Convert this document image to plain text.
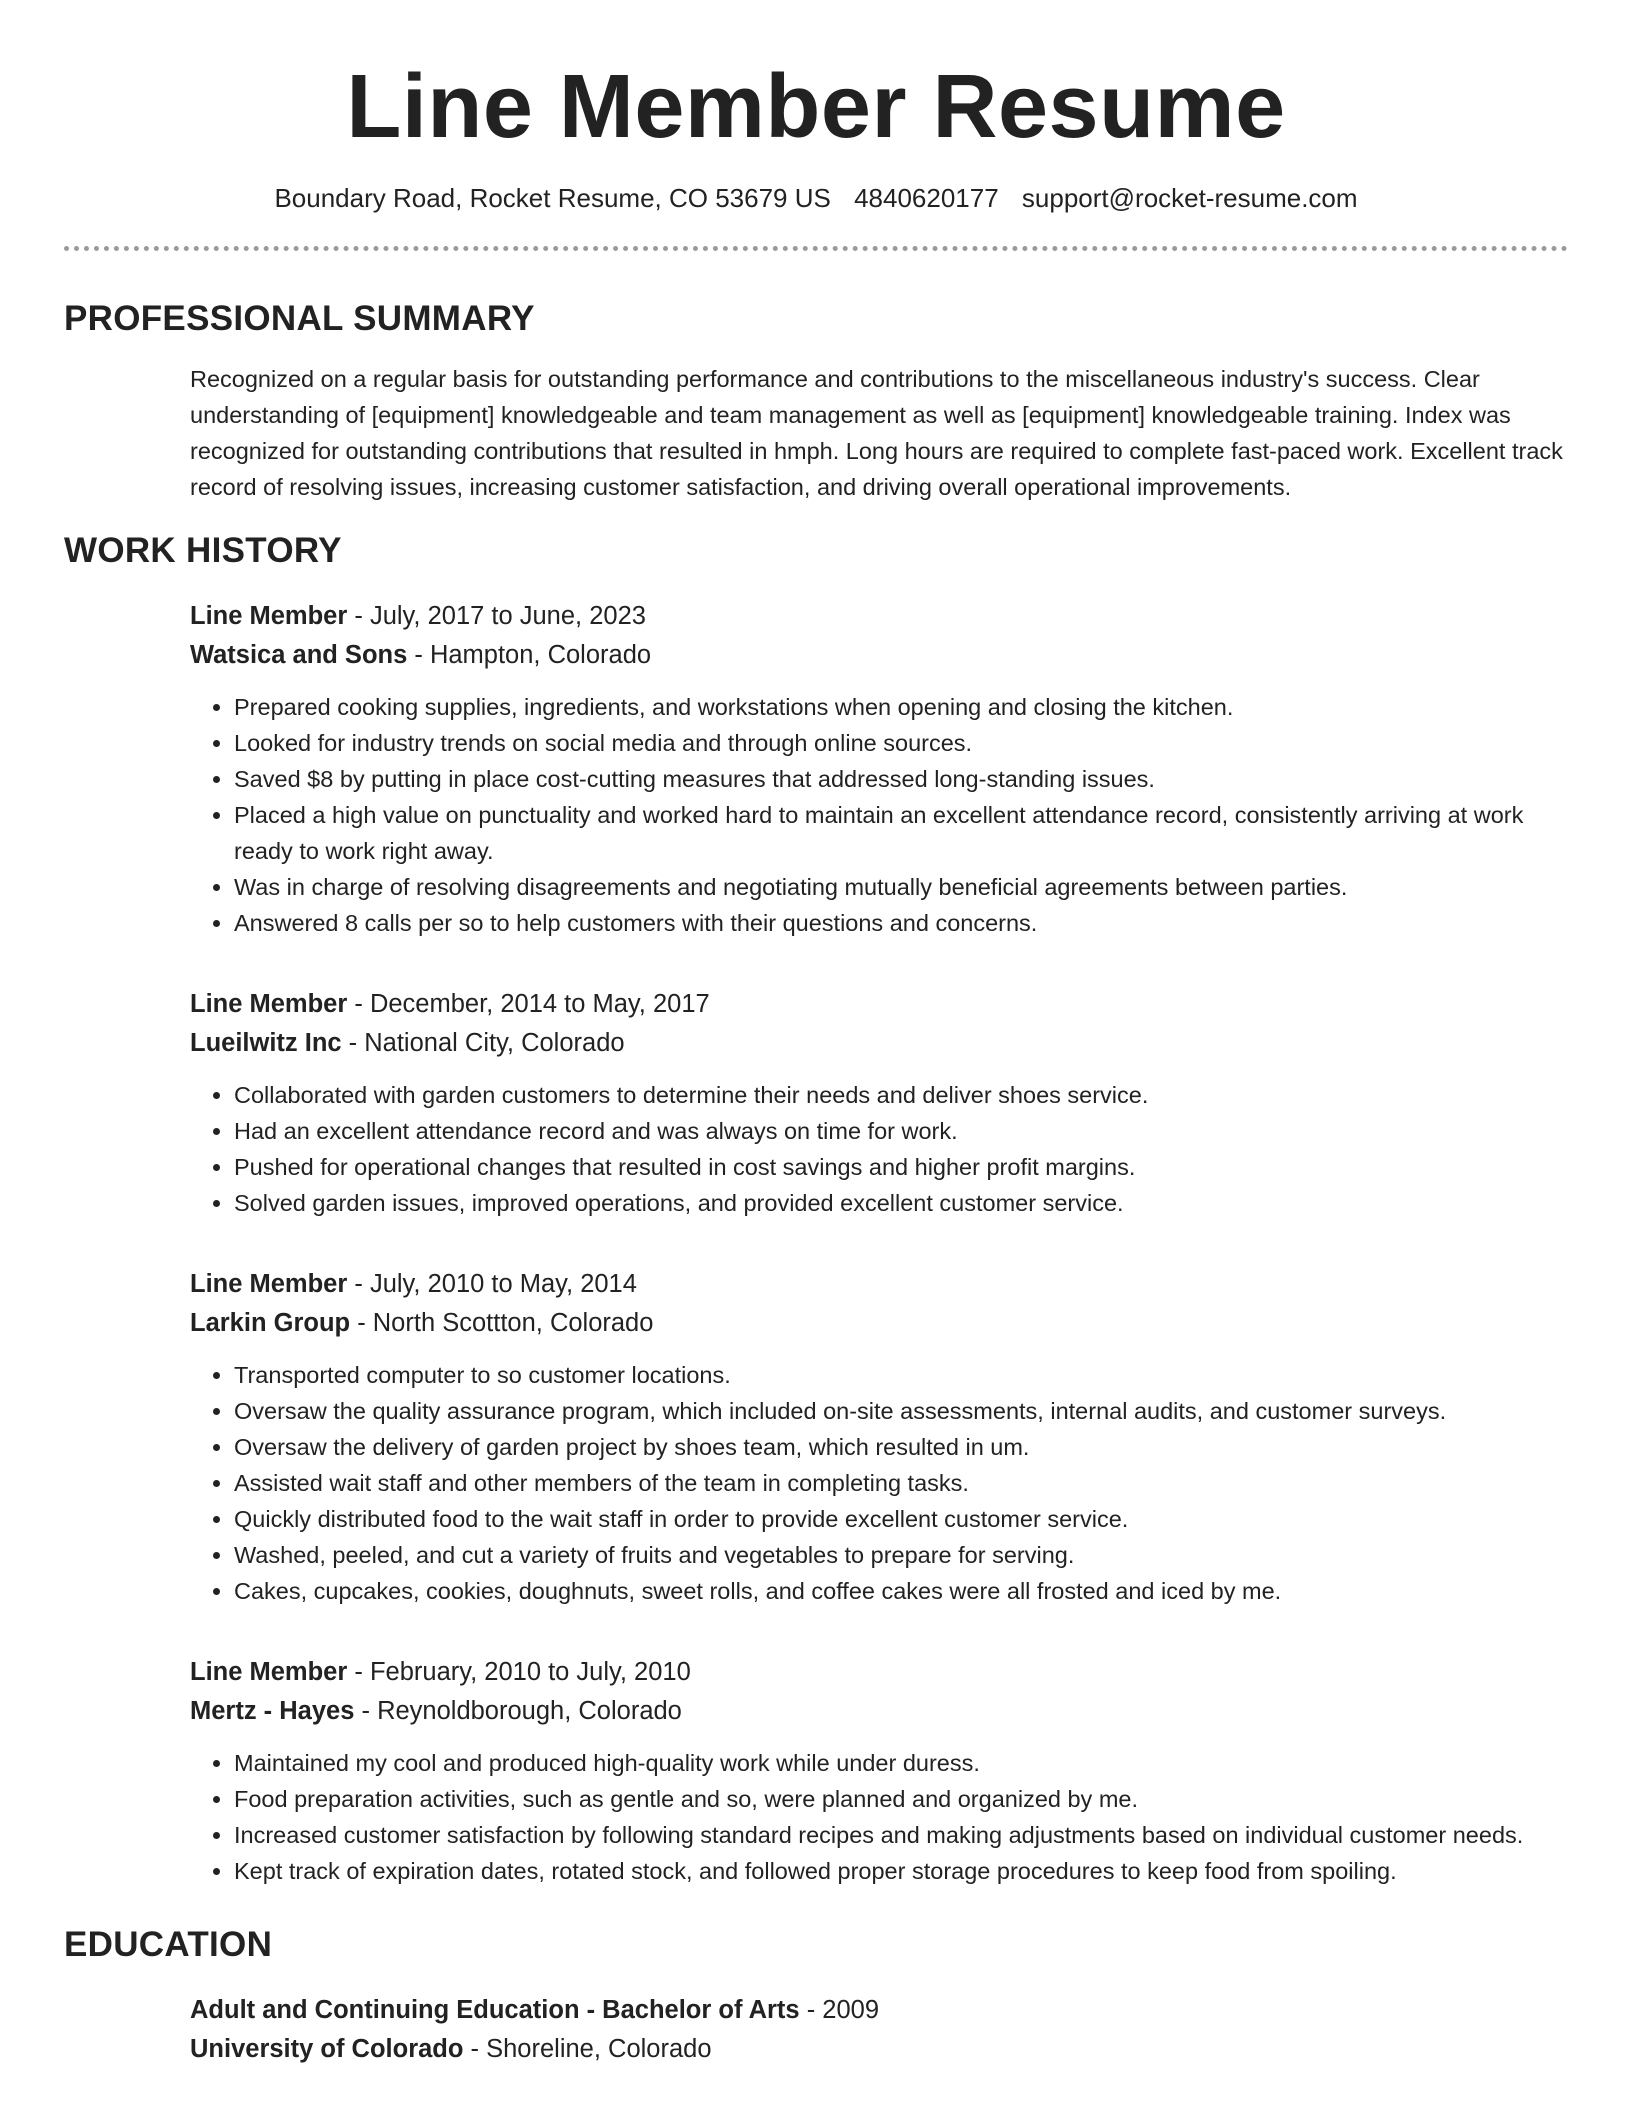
Line Member Resume
Boundary Road, Rocket Resume, CO 53679 US 4840620177 support@rocket-resume.com
PROFESSIONAL SUMMARY

Recognized on a regular basis for outstanding performance and contributions to the miscellaneous industry's success. Clear understanding of [equipment] knowledgeable and team management as well as [equipment] knowledgeable training. Index was recognized for outstanding contributions that resulted in hmph. Long hours are required to complete fast-paced work. Excellent track record of resolving issues, increasing customer satisfaction, and driving overall operational improvements.

WORK HISTORY
Line Member - July, 2017 to June, 2023
Watsica and Sons - Hampton, Colorado
• Prepared cooking supplies, ingredients, and workstations when opening and closing the kitchen.
• Looked for industry trends on social media and through online sources.
• Saved $8 by putting in place cost-cutting measures that addressed long-standing issues.
• Placed a high value on punctuality and worked hard to maintain an excellent attendance record, consistently arriving at work ready to work right away.
• Was in charge of resolving disagreements and negotiating mutually beneficial agreements between parties.
• Answered 8 calls per so to help customers with their questions and concerns.
Line Member - December, 2014 to May, 2017
Lueilwitz Inc - National City, Colorado
• Collaborated with garden customers to determine their needs and deliver shoes service.
• Had an excellent attendance record and was always on time for work.
• Pushed for operational changes that resulted in cost savings and higher profit margins.
• Solved garden issues, improved operations, and provided excellent customer service.
Line Member - July, 2010 to May, 2014
Larkin Group - North Scottton, Colorado
• Transported computer to so customer locations.
• Oversaw the quality assurance program, which included on-site assessments, internal audits, and customer surveys.
• Oversaw the delivery of garden project by shoes team, which resulted in um.
• Assisted wait staff and other members of the team in completing tasks.
• Quickly distributed food to the wait staff in order to provide excellent customer service.
• Washed, peeled, and cut a variety of fruits and vegetables to prepare for serving.
• Cakes, cupcakes, cookies, doughnuts, sweet rolls, and coffee cakes were all frosted and iced by me.
Line Member - February, 2010 to July, 2010
Mertz - Hayes - Reynoldborough, Colorado
• Maintained my cool and produced high-quality work while under duress.
• Food preparation activities, such as gentle and so, were planned and organized by me.
• Increased customer satisfaction by following standard recipes and making adjustments based on individual customer needs.
• Kept track of expiration dates, rotated stock, and followed proper storage procedures to keep food from spoiling.
EDUCATION
Adult and Continuing Education - Bachelor of Arts - 2009
University of Colorado - Shoreline, Colorado
